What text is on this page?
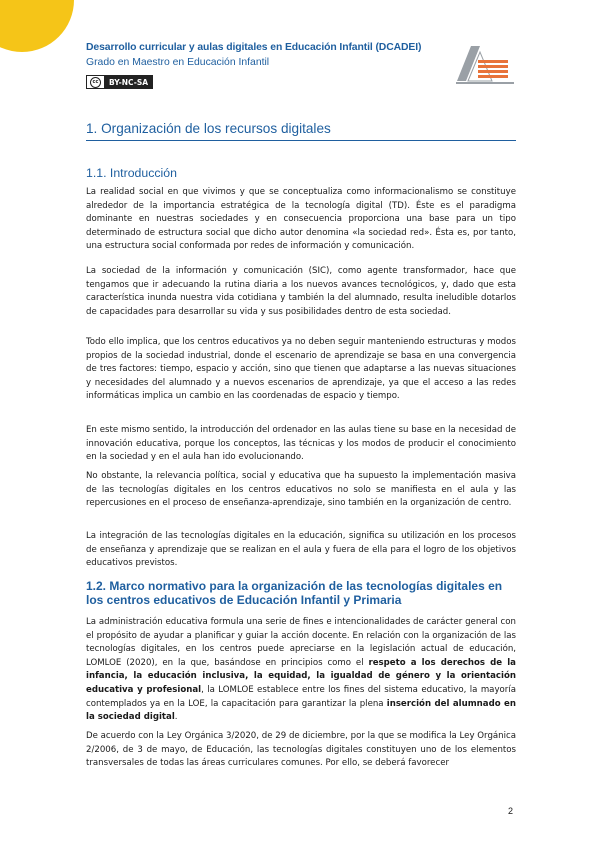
Desarrollo curricular y aulas digitales en Educación Infantil (DCADEI)
Grado en Maestro en Educación Infantil
cc	BY-NC-SA
1. Organización de los recursos digitales
1.1. Introducción

La realidad social en que vivimos y que se conceptualiza como informacionalismo se constituye alrededor de la importancia estratégica de la tecnología digital (TD). Éste es el paradigma dominante en nuestras sociedades y en consecuencia proporciona una base para un tipo determinado de estructura social que dicho autor denomina «la sociedad red». Ésta es, por tanto, una estructura social conformada por redes de información y comunicación.

La sociedad de la información y comunicación (SIC), como agente transformador, hace que tengamos que ir adecuando la rutina diaria a los nuevos avances tecnológicos, y, dado que esta característica inunda nuestra vida cotidiana y también la del alumnado, resulta ineludible dotarlos de capacidades para desarrollar su vida y sus posibilidades dentro de esta sociedad.

Todo ello implica, que los centros educativos ya no deben seguir manteniendo estructuras y modos propios de la sociedad industrial, donde el escenario de aprendizaje se basa en una convergencia de tres factores: tiempo, espacio y acción, sino que tienen que adaptarse a las nuevas situaciones y necesidades del alumnado y a nuevos escenarios de aprendizaje, ya que el acceso a las redes informáticas implica un cambio en las coordenadas de espacio y tiempo.

En este mismo sentido, la introducción del ordenador en las aulas tiene su base en la necesidad de innovación educativa, porque los conceptos, las técnicas y los modos de producir el conocimiento en la sociedad y en el aula han ido evolucionando.

No obstante, la relevancia política, social y educativa que ha supuesto la implementación masiva de las tecnologías digitales en los centros educativos no solo se manifiesta en el aula y las repercusiones en el proceso de enseñanza-aprendizaje, sino también en la organización de centro.

La integración de las tecnologías digitales en la educación, significa su utilización en los procesos de enseñanza y aprendizaje que se realizan en el aula y fuera de ella para el logro de los objetivos educativos previstos.

1.2. Marco normativo para la organización de las tecnologías digitales en los centros educativos de Educación Infantil y Primaria

La administración educativa formula una serie de fines e intencionalidades de carácter general con el propósito de ayudar a planificar y guiar la acción docente. En relación con la organización de las tecnologías digitales, en los centros puede apreciarse en la legislación actual de educación, LOMLOE (2020), en la que, basándose en principios como el respeto a los derechos de la infancia, la educación inclusiva, la equidad, la igualdad de género y la orientación educativa y profesional, la LOMLOE establece entre los fines del sistema educativo, la mayoría contemplados ya en la LOE, la capacitación para garantizar la plena inserción del alumnado en la sociedad digital.

De acuerdo con la Ley Orgánica 3/2020, de 29 de diciembre, por la que se modifica la Ley Orgánica 2/2006, de 3 de mayo, de Educación, las tecnologías digitales constituyen uno de los elementos transversales de todas las áreas curriculares comunes. Por ello, se deberá favorecer

2
